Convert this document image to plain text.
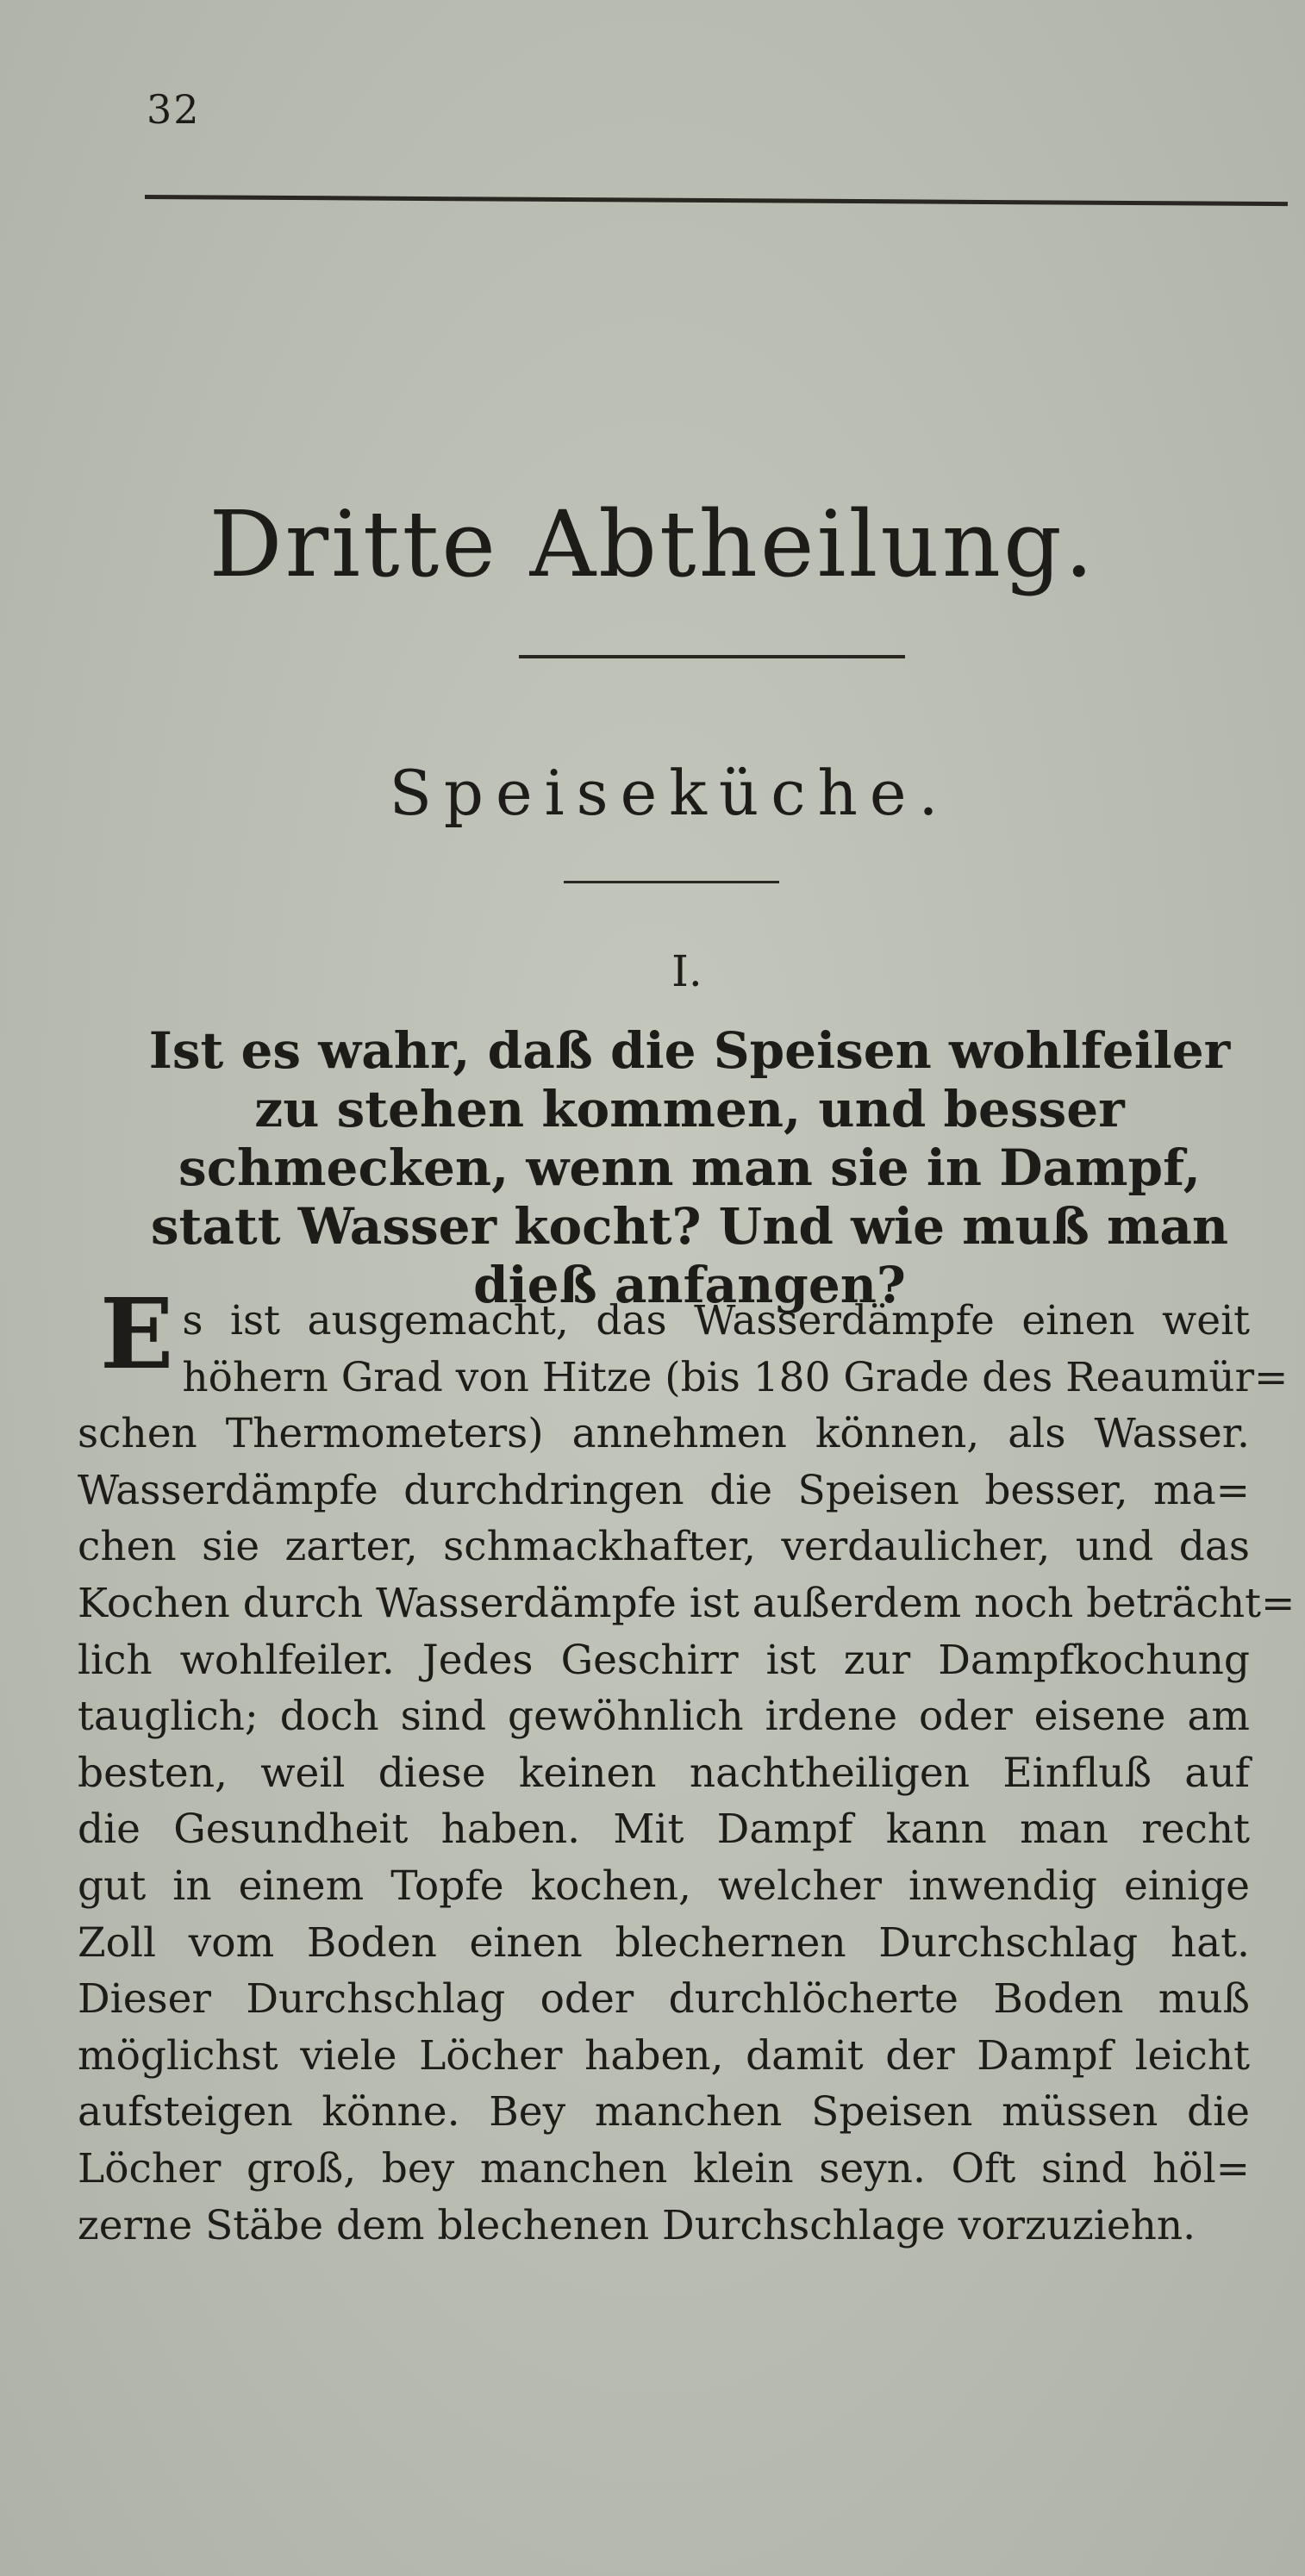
32
Dritte Abtheilung.
Speiseküche.
I.
Ist es wahr, daß die Speisen wohlfeiler zu stehen kommen, und besser schmecken, wenn man sie in Dampf, statt Wasser kocht? Und wie muß man dieß anfangen?
E s ist ausgemacht, das Wasserdämpfe einen weit
höhern Grad von Hitze (bis 180 Grade des Reaumür=
schen Thermometers) annehmen können, als Wasser.
Wasserdämpfe durchdringen die Speisen besser, ma=
chen sie zarter, schmackhafter, verdaulicher, und das
Kochen durch Wasserdämpfe ist außerdem noch beträcht=
lich wohlfeiler. Jedes Geschirr ist zur Dampfkochung
tauglich; doch sind gewöhnlich irdene oder eisene am
besten, weil diese keinen nachtheiligen Einfluß auf
die Gesundheit haben. Mit Dampf kann man recht
gut in einem Topfe kochen, welcher inwendig einige
Zoll vom Boden einen blechernen Durchschlag hat.
Dieser Durchschlag oder durchlöcherte Boden muß
möglichst viele Löcher haben, damit der Dampf leicht
aufsteigen könne. Bey manchen Speisen müssen die
Löcher groß, bey manchen klein seyn. Oft sind höl=
zerne Stäbe dem blechenen Durchschlage vorzuziehn.
